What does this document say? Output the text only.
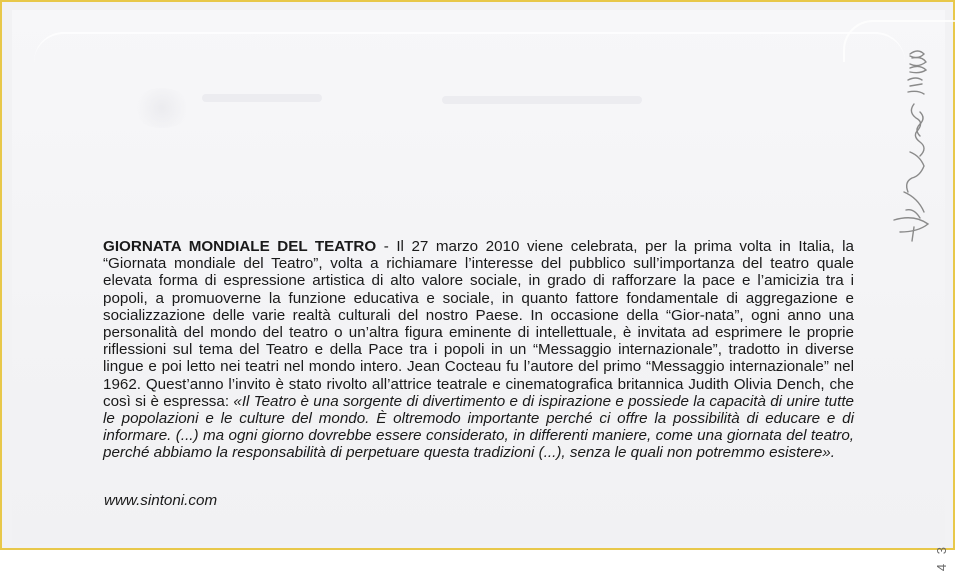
GIORNATA MONDIALE DEL TEATRO - Il 27 marzo 2010 viene celebrata, per la prima volta in Italia, la “Giornata mondiale del Teatro”, volta a richiamare l’interesse del pubblico sull’importanza del teatro quale elevata forma di espressione artistica di alto valore sociale, in grado di rafforzare la pace e l’amicizia tra i popoli, a promuoverne la funzione educativa e sociale, in quanto fattore fondamentale di aggregazione e socializzazione delle varie realtà culturali del nostro Paese. In occasione della “Gior-nata”, ogni anno una personalità del mondo del teatro o un’altra figura eminente di intellettuale, è invitata ad esprimere le proprie riflessioni sul tema del Teatro e della Pace tra i popoli in un “Messaggio internazionale”, tradotto in diverse lingue e poi letto nei teatri nel mondo intero. Jean Cocteau fu l’autore del primo “Messaggio internazionale” nel 1962. Quest’anno l’invito è stato rivolto all’attrice teatrale e cinematografica britannica Judith Olivia Dench, che così si è espressa: «Il Teatro è una sorgente di divertimento e di ispirazione e possiede la capacità di unire tutte le popolazioni e le culture del mondo. È oltremodo importante perché ci offre la possibilità di educare e di informare. (...) ma ogni giorno dovrebbe essere considerato, in differenti maniere, come una giornata del teatro, perché abbiamo la responsabilità di perpetuare questa tradizioni (...), senza le quali non potremmo esistere».
www.sintoni.com
4 3
